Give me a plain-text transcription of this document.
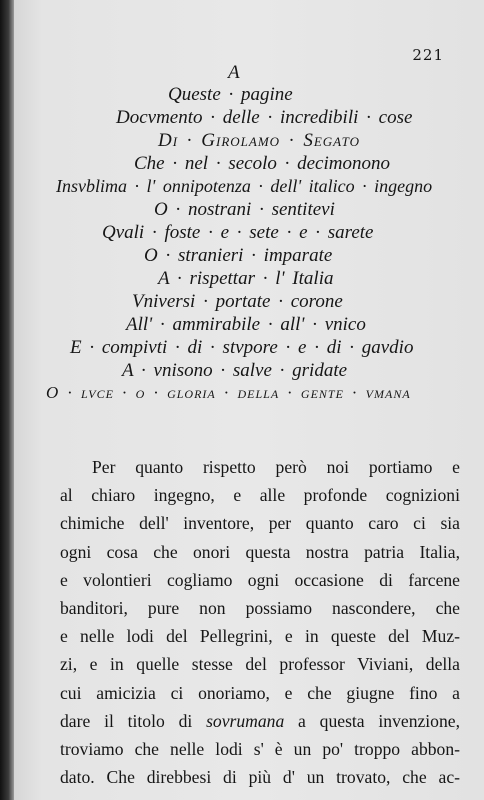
221
A
Queste · pagine
Docvmento · delle · incredibili · cose
Di · Girolamo · Segato
Che · nel · secolo · decimonono
Insvblima · l' onnipotenza · dell' italico · ingegno
O · nostrani · sentitevi
Qvali · foste · e · sete · e · sarete
O · stranieri · imparate
A · rispettar · l' Italia
Vniversi · portate · corone
All' · ammirabile · all' · vnico
E · compivti · di · stvpore · e · di · gavdio
A · vnisono · salve · gridate
O · lvce · o · gloria · della · gente · vmana
Per quanto rispetto però noi portiamo e
al chiaro ingegno, e alle profonde cognizioni
chimiche dell' inventore, per quanto caro ci sia
ogni cosa che onori questa nostra patria Italia,
e volontieri cogliamo ogni occasione di farcene
banditori, pure non possiamo nascondere, che
e nelle lodi del Pellegrini, e in queste del Muz-
zi, e in quelle stesse del professor Viviani, della
cui amicizia ci onoriamo, e che giugne fino a
dare il titolo di sovrumana a questa invenzione,
troviamo che nelle lodi s' è un po' troppo abbon-
dato. Che direbbesi di più d' un trovato, che ac-
